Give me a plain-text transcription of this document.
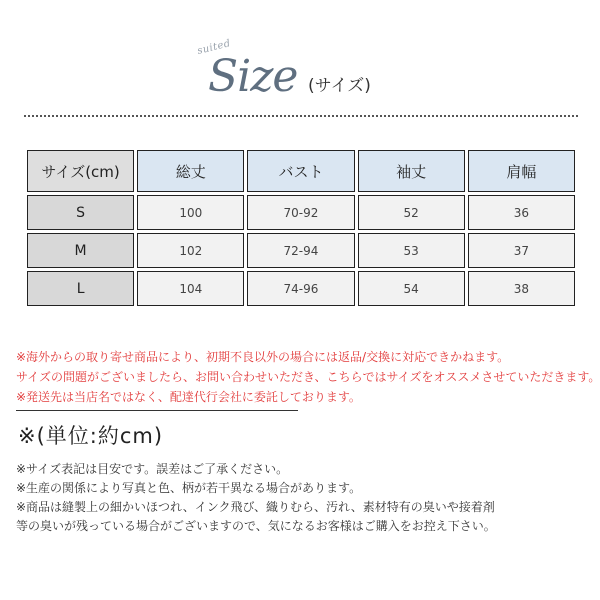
suited
Size (サイズ)
サイズ(cm)	総丈	バスト	袖丈	肩幅
S	100	70-92	52	36
M	102	72-94	53	37
L	104	74-96	54	38

※海外からの取り寄せ商品により、初期不良以外の場合には返品/交換に対応できかねます。

サイズの問題がございましたら、お問い合わせいただき、こちらではサイズをオススメさせていただきます。

※発送先は当店名ではなく、配達代行会社に委託しております。

※(単位:約cm)

※サイズ表記は目安です。誤差はご了承ください。

※生産の関係により写真と色、柄が若干異なる場合があります。

※商品は縫製上の細かいほつれ、インク飛び、織りむら、汚れ、素材特有の臭いや接着剤

等の臭いが残っている場合がございますので、気になるお客様はご購入をお控え下さい。
